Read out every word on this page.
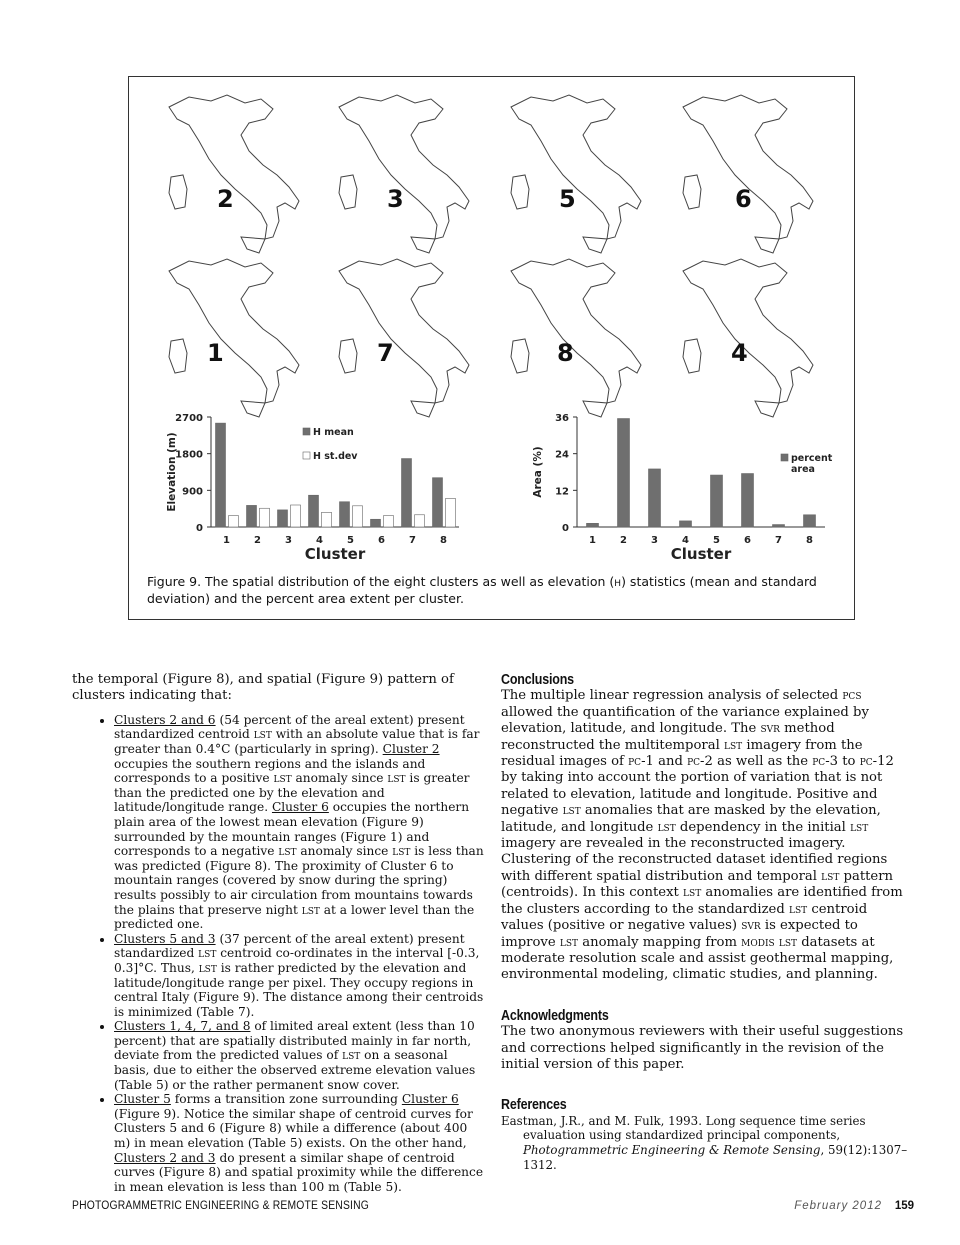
2	3	5	6
1	7	8	4
0
900
1800
2700
1 2 3 4 5 6 7 8
Cluster
Elevation (m)	H mean
H st.dev
0
12
24
36
1 2 3 4 5 6 7 8
Cluster
Area (%)	percent
area
Figure 9. The spatial distribution of the eight clusters as well as elevation (h) statistics (mean and standard deviation) and the percent area extent per cluster.

the temporal (Figure 8), and spatial (Figure 9) pattern of clusters indicating that:

• Clusters 2 and 6 (54 percent of the areal extent) present standardized centroid lst with an absolute value that is far greater than 0.4°C (particularly in spring). Cluster 2 occupies the southern regions and the islands and corresponds to a positive lst anomaly since lst is greater than the predicted one by the elevation and latitude/longitude range. Cluster 6 occupies the northern plain area of the lowest mean elevation (Figure 9) surrounded by the mountain ranges (Figure 1) and corresponds to a negative lst anomaly since lst is less than was predicted (Figure 8). The proximity of Cluster 6 to mountain ranges (covered by snow during the spring) results possibly to air circulation from mountains towards the plains that preserve night lst at a lower level than the predicted one.
• Clusters 5 and 3 (37 percent of the areal extent) present standardized lst centroid co-ordinates in the interval [-0.3, 0.3]°C. Thus, lst is rather predicted by the elevation and latitude/longitude range per pixel. They occupy regions in central Italy (Figure 9). The distance among their centroids is minimized (Table 7).
• Clusters 1, 4, 7, and 8 of limited areal extent (less than 10 percent) that are spatially distributed mainly in far north, deviate from the predicted values of lst on a seasonal basis, due to either the observed extreme elevation values (Table 5) or the rather permanent snow cover.
• Cluster 5 forms a transition zone surrounding Cluster 6 (Figure 9). Notice the similar shape of centroid curves for Clusters 5 and 6 (Figure 8) while a difference (about 400 m) in mean elevation (Table 5) exists. On the other hand, Clusters 2 and 3 do present a similar shape of centroid curves (Figure 8) and spatial proximity while the difference in mean elevation is less than 100 m (Table 5).
Conclusions

The multiple linear regression analysis of selected pcs allowed the quantification of the variance explained by elevation, latitude, and longitude. The svr method reconstructed the multitemporal lst imagery from the residual images of pc-1 and pc-2 as well as the pc-3 to pc-12 by taking into account the portion of variation that is not related to elevation, latitude and longitude. Positive and negative lst anomalies that are masked by the elevation, latitude, and longitude lst dependency in the initial lst imagery are revealed in the reconstructed imagery. Clustering of the reconstructed dataset identified regions with different spatial distribution and temporal lst pattern (centroids). In this context lst anomalies are identified from the clusters according to the standardized lst centroid values (positive or negative values) svr is expected to improve lst anomaly mapping from modis lst datasets at moderate resolution scale and assist geothermal mapping, environmental modeling, climatic studies, and planning.

Acknowledgments

The two anonymous reviewers with their useful suggestions and corrections helped significantly in the revision of the initial version of this paper.

References

Eastman, J.R., and M. Fulk, 1993. Long sequence time series evaluation using standardized principal components, Photogrammetric Engineering & Remote Sensing, 59(12):1307–1312.

PHOTOGRAMMETRIC ENGINEERING & REMOTE SENSING	February 2012 159
